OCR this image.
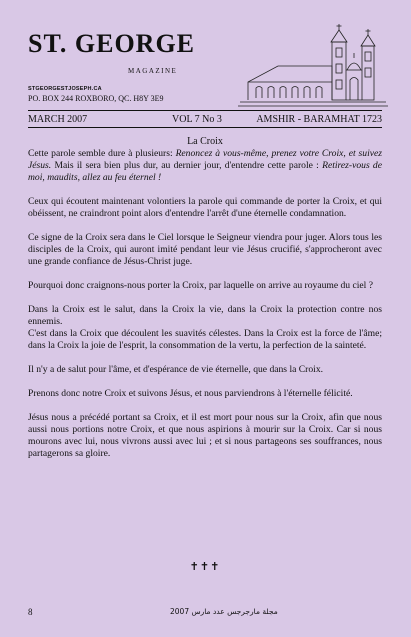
ST. GEORGE
MAGAZINE
STGEORGESTJOSEPH.CA
PO. BOX 244 ROXBORO, QC. H8Y 3E9
MARCH 2007	VOL 7 No 3	AMSHIR - BARAMHAT 1723
La Croix

Cette parole semble dure à plusieurs: Renoncez à vous-même, prenez votre Croix, et suivez Jésus. Mais il sera bien plus dur, au dernier jour, d'entendre cette parole : Retirez-vous de moi, maudits, allez au feu éternel !

Ceux qui écoutent maintenant volontiers la parole qui commande de porter la Croix, et qui obéissent, ne craindront point alors d'entendre l'arrêt d'une éternelle condamnation.

Ce signe de la Croix sera dans le Ciel lorsque le Seigneur viendra pour juger. Alors tous les disciples de la Croix, qui auront imité pendant leur vie Jésus crucifié, s'approcheront avec une grande confiance de Jésus-Christ juge.

Pourquoi donc craignons-nous porter la Croix, par laquelle on arrive au royaume du ciel ?

Dans la Croix est le salut, dans la Croix la vie, dans la Croix la protection contre nos ennemis.

C'est dans la Croix que découlent les suavités célestes. Dans la Croix est la force de l'âme; dans la Croix la joie de l'esprit, la consommation de la vertu, la perfection de la sainteté.

Il n'y a de salut pour l'âme, et d'espérance de vie éternelle, que dans la Croix.

Prenons donc notre Croix et suivons Jésus, et nous parviendrons à l'éternelle félicité.

Jésus nous a précédé portant sa Croix, et il est mort pour nous sur la Croix, afin que nous aussi nous portions notre Croix, et que nous aspirions à mourir sur la Croix. Car si nous mourons avec lui, nous vivrons aussi avec lui ; et si nous partageons ses souffrances, nous partagerons sa gloire.

✝✝✝
8	مجلة مارجرجس عدد مارس 2007
